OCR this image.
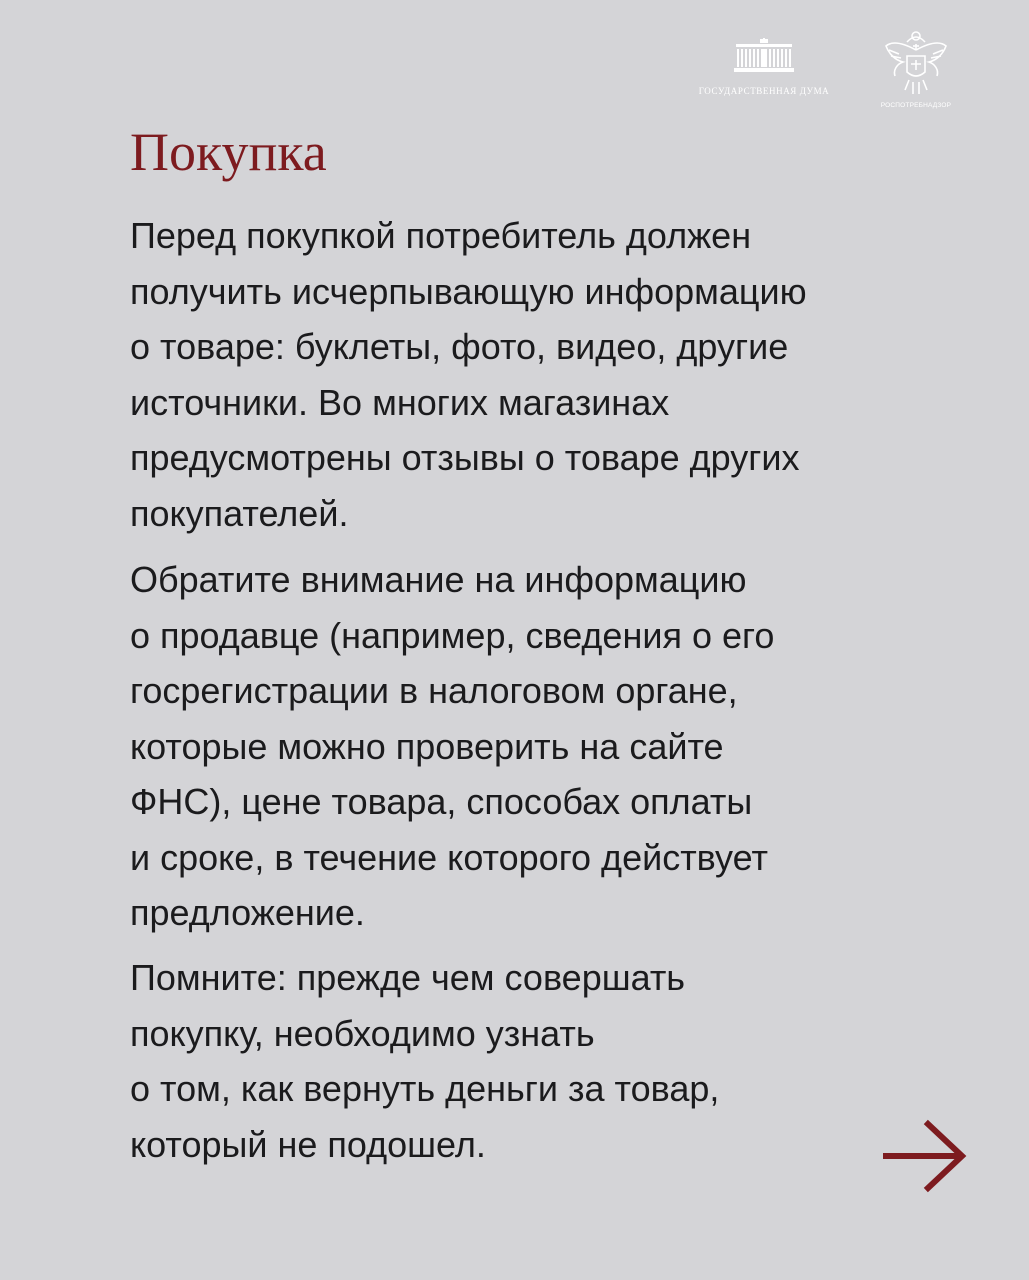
ГОСУДАРСТВЕННАЯ ДУМА
РОСПОТРЕБНАДЗОР
Покупка

Перед покупкой потребитель должен
получить исчерпывающую информацию
о товаре: буклеты, фото, видео, другие
источники. Во многих магазинах
предусмотрены отзывы о товаре других
покупателей.

Обратите внимание на информацию
о продавце (например, сведения о его
госрегистрации в налоговом органе,
которые можно проверить на сайте
ФНС), цене товара, способах оплаты
и сроке, в течение которого действует
предложение.

Помните: прежде чем совершать
покупку, необходимо узнать
о том, как вернуть деньги за товар,
который не подошел.
